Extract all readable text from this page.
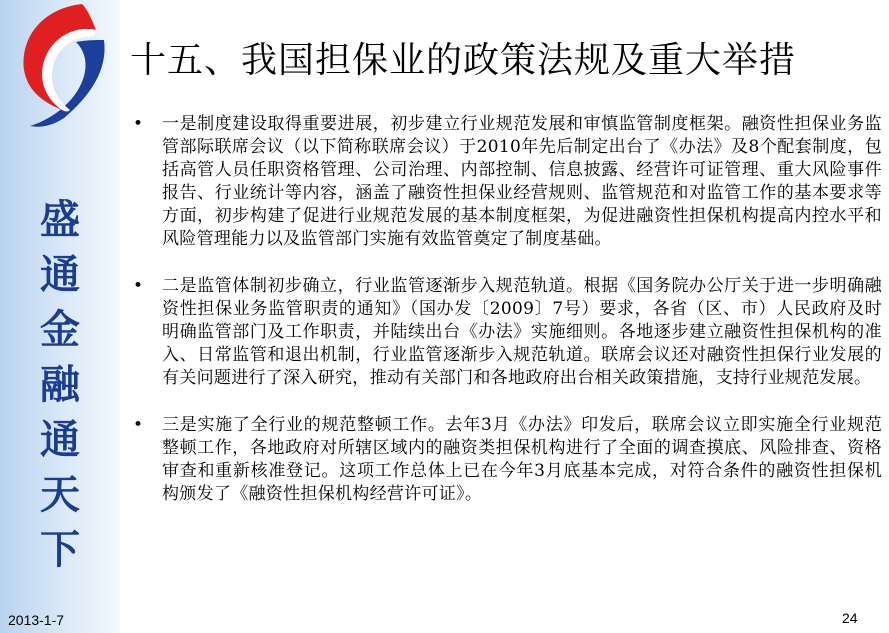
盛
通
金
融
通
天
下
2013-1-7
十五、我国担保业的政策法规及重大举措
• 一是制度建设取得重要进展，初步建立行业规范发展和审慎监管制度框架。融资性担保业务监管部际联席会议（以下简称联席会议）于2010年先后制定出台了《办法》及8个配套制度，包括高管人员任职资格管理、公司治理、内部控制、信息披露、经营许可证管理、重大风险事件报告、行业统计等内容，涵盖了融资性担保业经营规则、监管规范和对监管工作的基本要求等方面，初步构建了促进行业规范发展的基本制度框架，为促进融资性担保机构提高内控水平和风险管理能力以及监管部门实施有效监管奠定了制度基础。
• 二是监管体制初步确立，行业监管逐渐步入规范轨道。根据《国务院办公厅关于进一步明确融资性担保业务监管职责的通知》（国办发〔2009〕7号）要求，各省（区、市）人民政府及时明确监管部门及工作职责，并陆续出台《办法》实施细则。各地逐步建立融资性担保机构的准入、日常监管和退出机制，行业监管逐渐步入规范轨道。联席会议还对融资性担保行业发展的有关问题进行了深入研究，推动有关部门和各地政府出台相关政策措施，支持行业规范发展。
• 三是实施了全行业的规范整顿工作。去年3月《办法》印发后，联席会议立即实施全行业规范整顿工作，各地政府对所辖区域内的融资类担保机构进行了全面的调查摸底、风险排查、资格审查和重新核准登记。这项工作总体上已在今年3月底基本完成，对符合条件的融资性担保机构颁发了《融资性担保机构经营许可证》。
24
